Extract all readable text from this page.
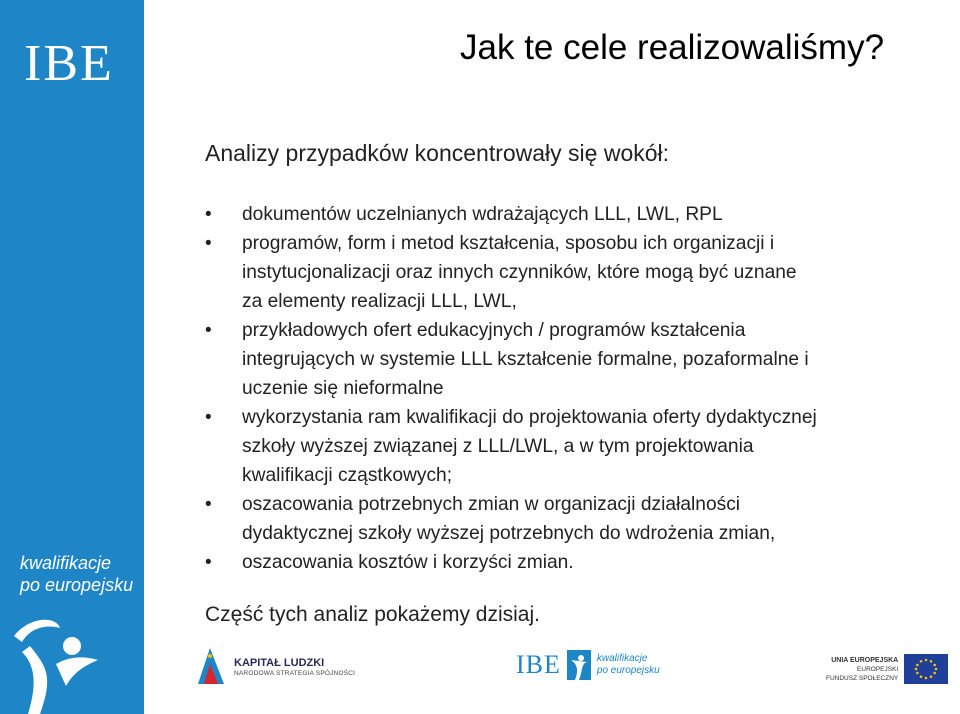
IBE
kwalifikacje
po europejsku
Jak te cele realizowaliśmy?
Analizy przypadków koncentrowały się wokół:
• dokumentów uczelnianych wdrażających LLL, LWL, RPL
• programów, form i metod kształcenia, sposobu ich organizacji i
instytucjonalizacji oraz innych czynników, które mogą być uznane
za elementy realizacji LLL, LWL,
• przykładowych ofert edukacyjnych / programów kształcenia
integrujących w systemie LLL kształcenie formalne, pozaformalne i
uczenie się nieformalne
• wykorzystania ram kwalifikacji do projektowania oferty dydaktycznej
szkoły wyższej związanej z LLL/LWL, a w tym projektowania
kwalifikacji cząstkowych;
• oszacowania potrzebnych zmian w organizacji działalności
dydaktycznej szkoły wyższej potrzebnych do wdrożenia zmian,
• oszacowania kosztów i korzyści zmian.
Część tych analiz pokażemy dzisiaj.
KAPITAŁ LUDZKI
NARODOWA STRATEGIA SPÓJNOŚCI	IBE	kwalifikacje
po europejsku
UNIA EUROPEJSKA
EUROPEJSKI
FUNDUSZ SPOŁECZNY
